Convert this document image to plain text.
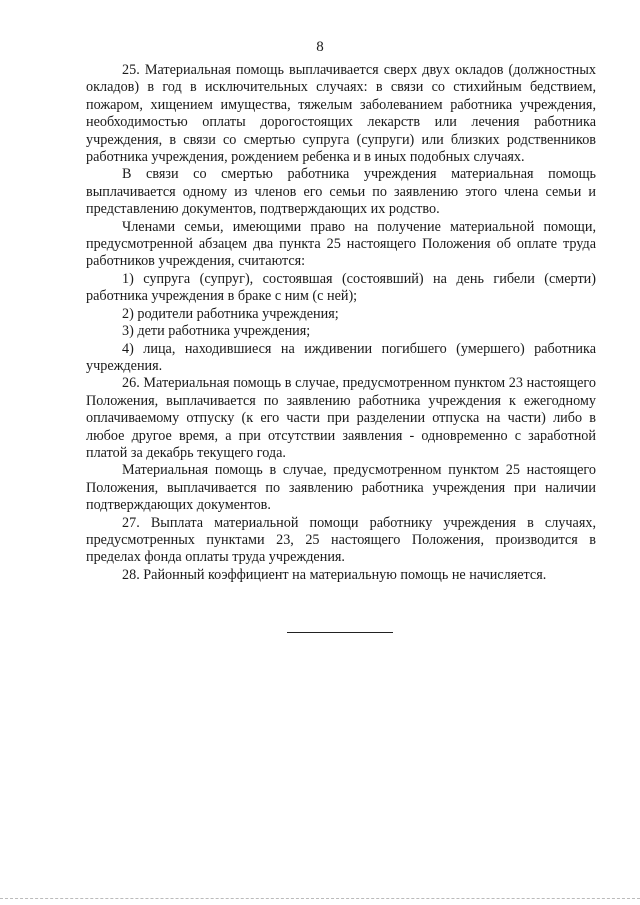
8

25. Материальная помощь выплачивается сверх двух окладов (должностных окладов) в год в исключительных случаях: в связи со стихийным бедствием, пожаром, хищением имущества, тяжелым заболеванием работника учреждения, необходимостью оплаты дорогостоящих лекарств или лечения работника учреждения, в связи со смертью супруга (супруги) или близких родственников работника учреждения, рождением ребенка и в иных подобных случаях.

В связи со смертью работника учреждения материальная помощь выплачивается одному из членов его семьи по заявлению этого члена семьи и представлению документов, подтверждающих их родство.

Членами семьи, имеющими право на получение материальной помощи, предусмотренной абзацем два пункта 25 настоящего Положения об оплате труда работников учреждения, считаются:

1) супруга (супруг), состоявшая (состоявший) на день гибели (смерти) работника учреждения в браке с ним (с ней);

2) родители работника учреждения;

3) дети работника учреждения;

4) лица, находившиеся на иждивении погибшего (умершего) работника учреждения.

26. Материальная помощь в случае, предусмотренном пунктом 23 настоящего Положения, выплачивается по заявлению работника учреждения к ежегодному оплачиваемому отпуску (к его части при разделении отпуска на части) либо в любое другое время, а при отсутствии заявления - одновременно с заработной платой за декабрь текущего года.

Материальная помощь в случае, предусмотренном пунктом 25 настоящего Положения, выплачивается по заявлению работника учреждения при наличии подтверждающих документов.

27. Выплата материальной помощи работнику учреждения в случаях, предусмотренных пунктами 23, 25 настоящего Положения, производится в пределах фонда оплаты труда учреждения.

28. Районный коэффициент на материальную помощь не начисляется.
